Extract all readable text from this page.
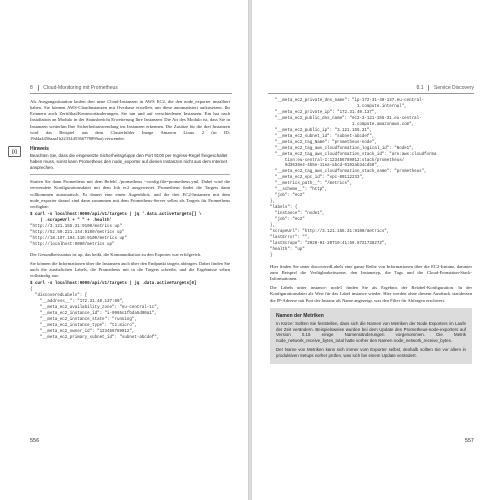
8 Cloud-Monitoring mit Prometheus

Als Ausgangssituation laufen drei neue Cloud-Instanzen in AWS EC2, die den node_exporter installiert haben. Sie können AWS-Cloudinstanzen mit Overbase erstellen, um diese automatisiert aufzusetzen. Ihr Erinnern auch Zertifikat/Kennwortänderungen. Sie tun und auf verschiedenen Instanzen. Ein hat nach Installation an Modulo in der Statusbericht Erweiterung Ihre Instanzen. Die Art des Modulo ist, dass Sie in Instanzen weiterhin Ihre Sicherheitsanwendung ins Instanzen erkennen. Die Zusätze für die drei Instanzen wird das Beispiel aus dem Clusterbilder Image Amazon Linux 2 (in ID: 19d4a4456aaa1b2233445566778899aa) verwendet.

[!]	Hinweis

Beachten Sie, dass die eingesetzte Sicherheitsgruppe den Port 9100 per Ingress-Regel freigeschaltet haben muss, sonst kann Prometheus den node_exporter auf diesen Instanzen nicht aus dem Internet ansprechen.

Starten Sie dann Prometheus mit dem Befehl ./prometheus --config.file=prometheus.yml. Dabei wird die verwendete Konfigurationsdatei mit dem Job ec2 ausgewertet. Prometheus findet die Targets dann vollkommen automatisch. Es dauert eine einen Augenblick, und die drei EC2-Instanzen mit dem node_exporter darauf sind dann zusammen mit dem Prometheus-Server selbst als Targets für Prometheus verfügbar:

$ curl -s localhost:9090/api/v1/targets | jq '.data.activeTargets[] \
| .scrapeUrl + " " + .health'
"http://3.121.155.31:9100/metrics up"
"http://52.59.221.144:9100/metrics up"
"http://18.197.194.110:9100/metrics up"
"http://localhost:9090/metrics up"

Der Gesundheitsstatus ist up, das heißt, die Kommunikation zu den Exporter war erfolgreich.

Sie können die Informationen über die Instanzen auch über den Endpunkt targets abfragen. Dabei finden Sie auch die zusätzlichen Labels, die Prometheus mit in die Targets schreibt, und die Ergebnisse sehen vollständig aus:

$ curl -s localhost:9090/api/v1/targets | jq .data.activeTargets[0]
{
"discoveredLabels": {
"__address__": "172.31.40.137:80",
"__meta_ec2_availability_zone": "eu-central-1c",
"__meta_ec2_instance_id": "i-0965c1fbda5d00a1",
"__meta_ec2_instance_state": "running",
"__meta_ec2_instance_type": "t2.micro",
"__meta_ec2_owner_id": "123456789012",
"__meta_ec2_primary_subnet_id": "subnet-abcdef",
556
8.1 Service Discovery
"__meta_ec2_private_dns_name": "ip-172-31-40-137.eu-central-
1.compute.internal",
"__meta_ec2_private_ip": "172.31.40.137",
"__meta_ec2_public_dns_name": "ec2-3-121-155-31.eu-central-
1.compute.amazonaws.com",
"__meta_ec2_public_ip": "3.121.155.31",
"__meta_ec2_subnet_id": "subnet-abcdef",
"__meta_ec2_tag_Name": "prometheus-node",
"__meta_ec2_tag_aws_cloudformation_logical_id": "Node1",
"__meta_ec2_tag_aws_cloudformation_stack_id": "arn:aws:cloudforma
tion:eu-central-1:123456789012:stack/prometheus/
9d3639e4-4b5e-11ea-abcd-0102ab34cd56",
"__meta_ec2_tag_aws_cloudformation_stack_name": "prometheus",
"__meta_ec2_vpc_id": "vpc-00112233",
"__metrics_path__": "/metrics",
"__scheme__": "http",
"job": "ec2"
},
"labels": {
"instance": "node1",
"job": "ec2"
},
"scrapeUrl": "http://3.121.155.31:9100/metrics",
"lastError": "",
"lastScrape": "2020-01-20T10:41:59.872173827Z",
"health": "up"
}

Hier finden Sie unter discoveredLabels eine ganze Reihe von Informationen über die EC2-Instanz, darunter zum Beispiel die Verfügbarkeitszone, den Instanztyp, die Tags und die Cloud-Formation-Stack-Informationen.

Die Labels unter instance: node1 finden Sie als Ergebnis der Relabel-Konfiguration. In der Konfigurationsdatei als Wert für das Label instance wieder. Hier werden ohne diesem Ausdruck stattdessen die IP-Adresse mit Port der Instanz als Name angezeigt, was den Filter für Abfragen erschwert.

Namen der Metriken

In Kürze: Sollten Sie feststellen, dass sich die Namen von Metriken der Node Exporters im Laufe der Zeit verändern. Beispielsweise wurden bei dem Update des Prometheus-node-exporters auf Version 0.16 einige Namensänderungen vorgenommen. Die Metrik node_network_receive_bytes_total hatte vorher den Namen node_network_receive_bytes.

Der Name von Metriken kann sich immer vom Exporter selbst, deshalb sollten Sie vor allem in produktiven Setups vorher prüfen, was sich bei einem Update verändert.

557
